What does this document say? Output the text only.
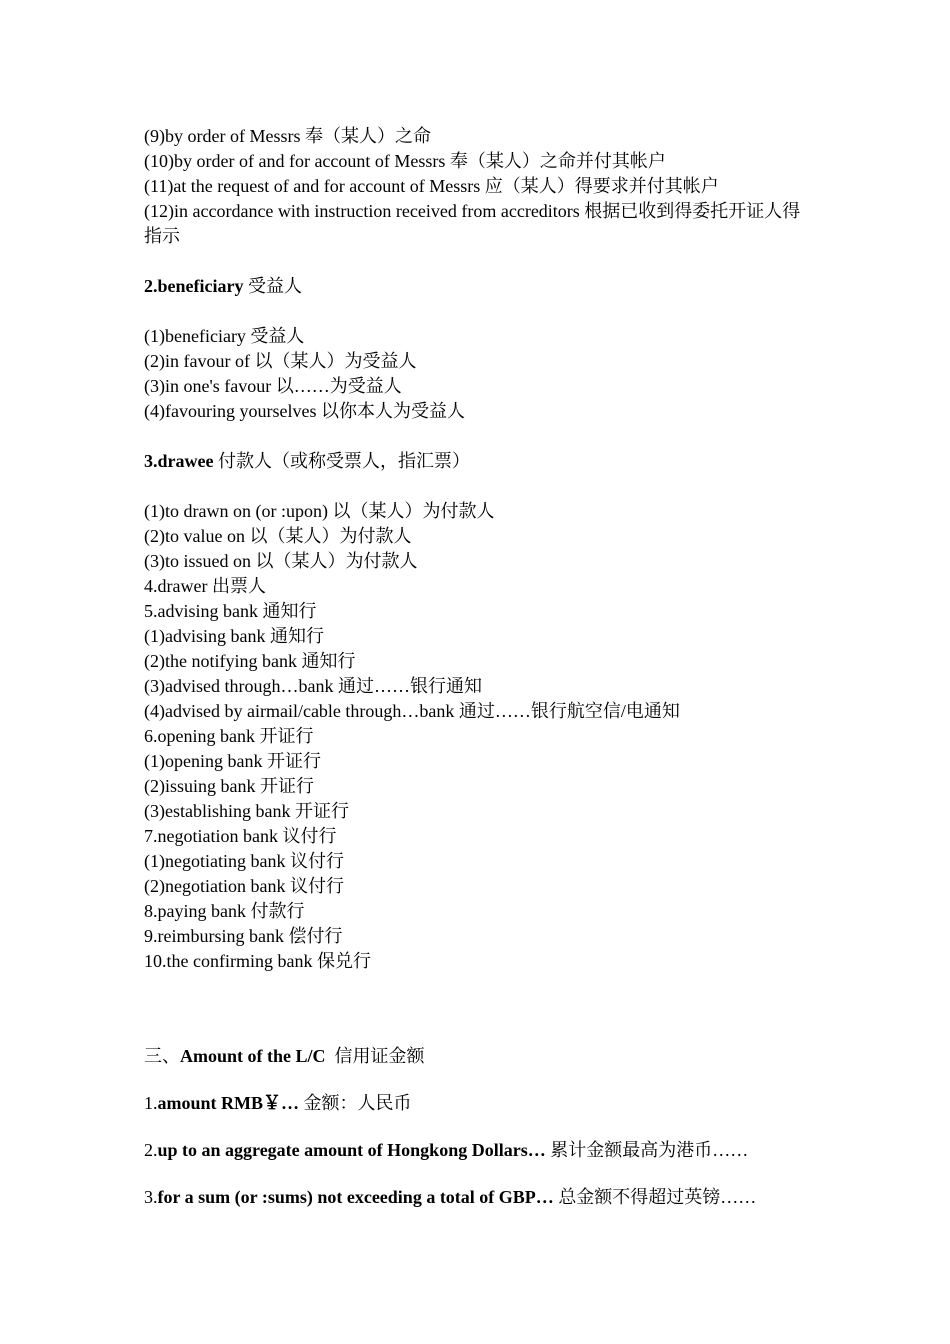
(9)by order of Messrs 奉（某人）之命
(10)by order of and for account of Messrs 奉（某人）之命并付其帐户
(11)at the request of and for account of Messrs 应（某人）得要求并付其帐户
(12)in accordance with instruction received from accreditors 根据已收到得委托开证人得指示
2.beneficiary 受益人
(1)beneficiary 受益人
(2)in favour of 以（某人）为受益人
(3)in one's favour 以……为受益人
(4)favouring yourselves 以你本人为受益人
3.drawee 付款人（或称受票人，指汇票）
(1)to drawn on (or :upon) 以（某人）为付款人
(2)to value on 以（某人）为付款人
(3)to issued on 以（某人）为付款人
4.drawer 出票人
5.advising bank 通知行
(1)advising bank 通知行
(2)the notifying bank 通知行
(3)advised through…bank 通过……银行通知
(4)advised by airmail/cable through…bank 通过……银行航空信/电通知
6.opening bank 开证行
(1)opening bank 开证行
(2)issuing bank 开证行
(3)establishing bank 开证行
7.negotiation bank 议付行
(1)negotiating bank 议付行
(2)negotiation bank 议付行
8.paying bank 付款行
9.reimbursing bank 偿付行
10.the confirming bank 保兑行
三、Amount of the L/C  信用证金额
1.amount RMB￥… 金额：人民币
2.up to an aggregate amount of Hongkong Dollars… 累计金额最高为港币……
3.for a sum (or :sums) not exceeding a total of GBP… 总金额不得超过英镑……
